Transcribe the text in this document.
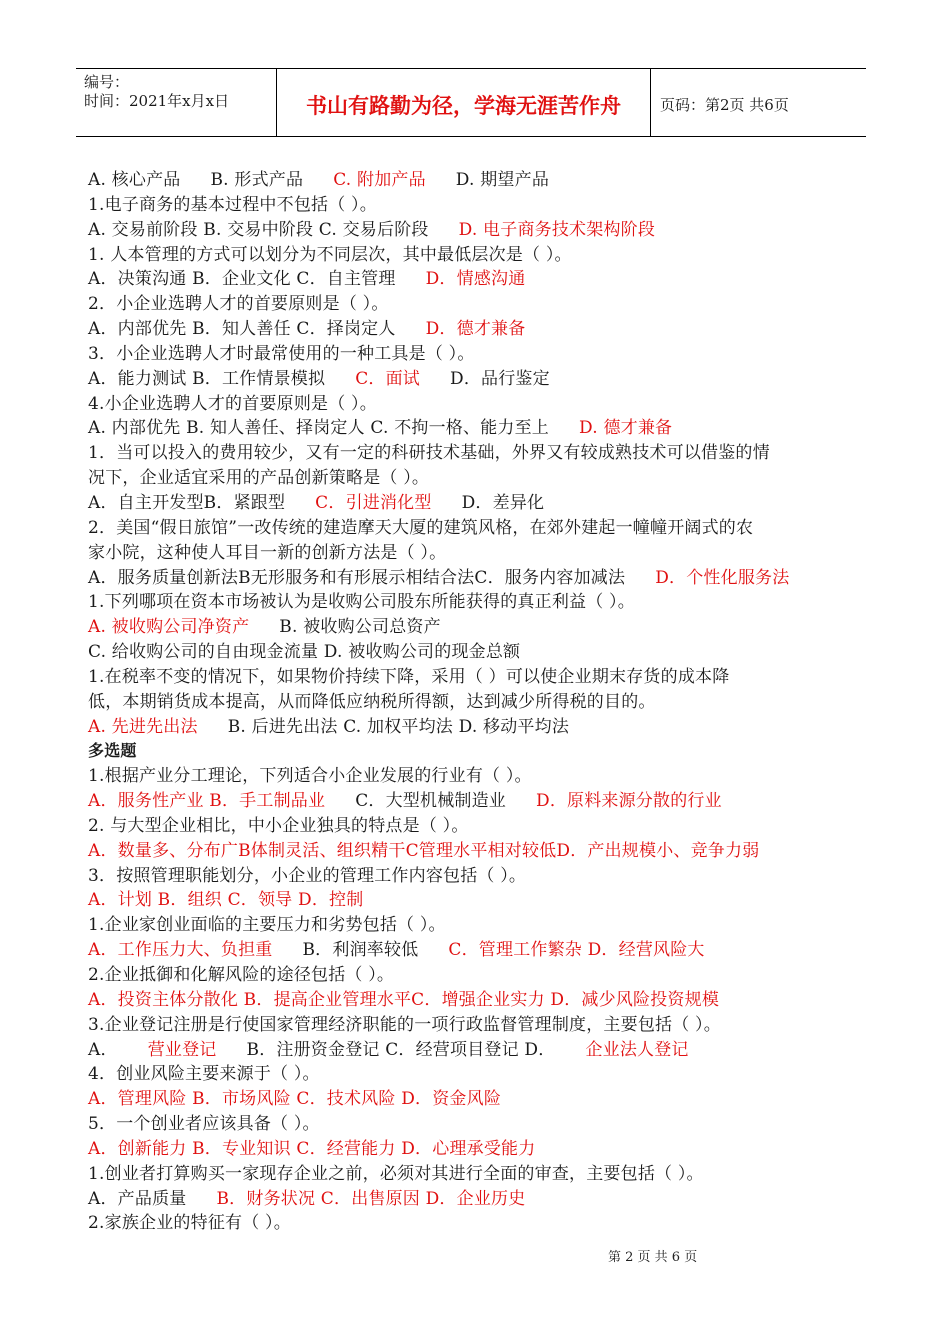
编号：
时间：2021年x月x日	书山有路勤为径，学海无涯苦作舟	页码：第2页 共6页
A. 核心产品 B. 形式产品 C. 附加产品 D. 期望产品
1.电子商务的基本过程中不包括（ ）。
A. 交易前阶段 B. 交易中阶段 C. 交易后阶段 D. 电子商务技术架构阶段
1. 人本管理的方式可以划分为不同层次，其中最低层次是（ ）。
A．决策沟通 B．企业文化 C．自主管理 D．情感沟通
2．小企业选聘人才的首要原则是（ ）。
A．内部优先 B．知人善任 C．择岗定人 D．德才兼备
3．小企业选聘人才时最常使用的一种工具是（ ）。
A．能力测试 B．工作情景模拟 C．面试 D．品行鉴定
4.小企业选聘人才的首要原则是（ ）。
A. 内部优先 B. 知人善任、择岗定人 C. 不拘一格、能力至上 D. 德才兼备
1．当可以投入的费用较少，又有一定的科研技术基础，外界又有较成熟技术可以借鉴的情
况下，企业适宜采用的产品创新策略是（ ）。
A．自主开发型B．紧跟型 C．引进消化型 D．差异化
2．美国“假日旅馆”一改传统的建造摩天大厦的建筑风格，在郊外建起一幢幢开阔式的农
家小院，这种使人耳目一新的创新方法是（ ）。
A．服务质量创新法B无形服务和有形展示相结合法C．服务内容加减法 D．个性化服务法
1.下列哪项在资本市场被认为是收购公司股东所能获得的真正利益（ ）。
A. 被收购公司净资产 B. 被收购公司总资产
C. 给收购公司的自由现金流量 D. 被收购公司的现金总额
1.在税率不变的情况下，如果物价持续下降，采用（ ）可以使企业期末存货的成本降
低，本期销货成本提高，从而降低应纳税所得额，达到减少所得税的目的。
A. 先进先出法 B. 后进先出法 C. 加权平均法 D. 移动平均法
多选题
1.根据产业分工理论，下列适合小企业发展的行业有（ ）。
A．服务性产业 B．手工制品业 C．大型机械制造业 D．原料来源分散的行业
2. 与大型企业相比，中小企业独具的特点是（ ）。
A．数量多、分布广B体制灵活、组织精干C管理水平相对较低D．产出规模小、竞争力弱
3．按照管理职能划分，小企业的管理工作内容包括（ ）。
A．计划 B．组织 C．领导 D．控制
1.企业家创业面临的主要压力和劣势包括（ ）。
A．工作压力大、负担重 B．利润率较低 C．管理工作繁杂 D．经营风险大
2.企业抵御和化解风险的途径包括（ ）。
A．投资主体分散化 B．提高企业管理水平C．增强企业实力 D．减少风险投资规模
3.企业登记注册是行使国家管理经济职能的一项行政监督管理制度，主要包括（ ）。
A． 营业登记 B．注册资金登记 C．经营项目登记 D． 企业法人登记
4．创业风险主要来源于（ ）。
A．管理风险 B．市场风险 C．技术风险 D．资金风险
5．一个创业者应该具备（ ）。
A．创新能力 B．专业知识 C．经营能力 D．心理承受能力
1.创业者打算购买一家现存企业之前，必须对其进行全面的审查，主要包括（ ）。
A．产品质量 B．财务状况 C．出售原因 D．企业历史
2.家族企业的特征有（ ）。
第 2 页 共 6 页
